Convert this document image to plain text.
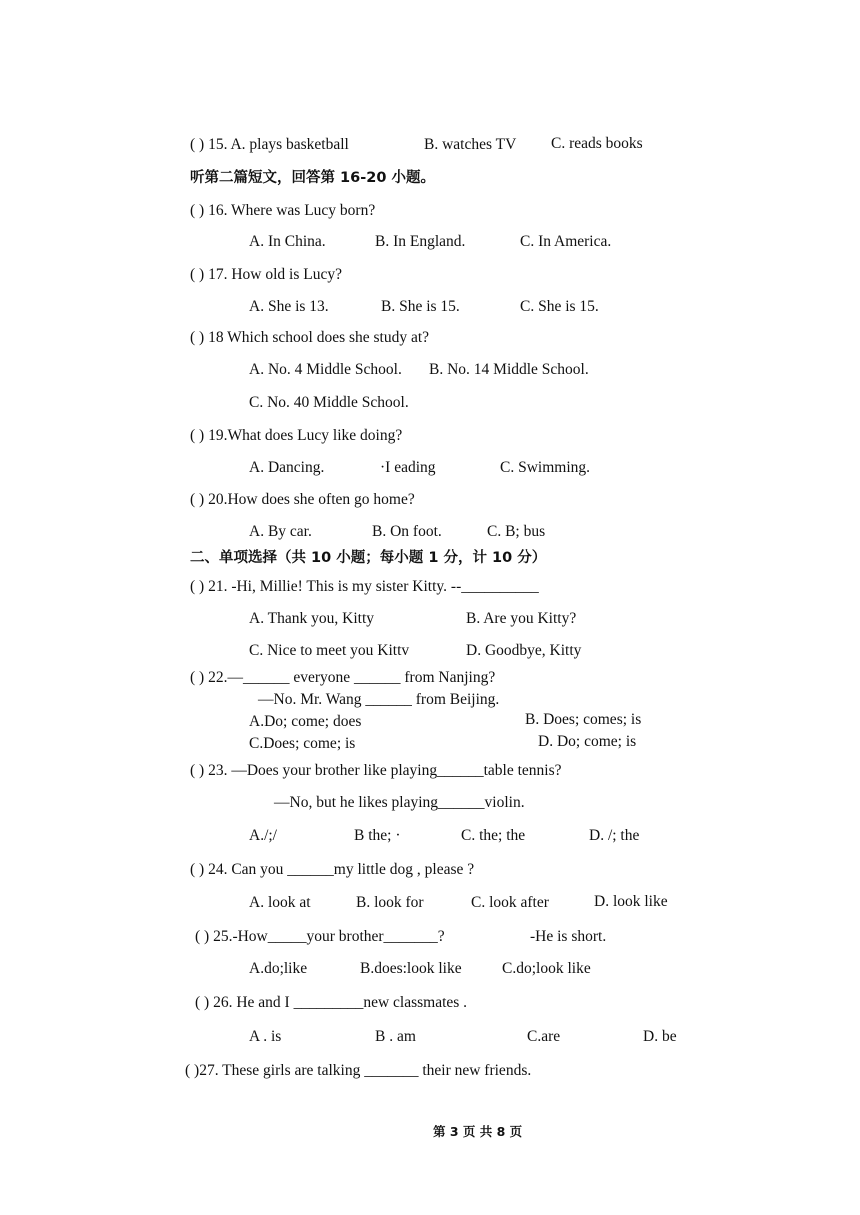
( ) 15. A. plays basketball	B. watches TV C. reads books
听第二篇短文，回答第 16-20 小题。
( ) 16. Where was Lucy born?
A. In China.	B. In England.	C. In America.
( ) 17. How old is Lucy?
A. She is 13.	B. She is 15.	C. She is 15.
( ) 18 Which school does she study at?
A. No. 4 Middle School. B. No. 14 Middle School.
C. No. 40 Middle School.
( ) 19.What does Lucy like doing?
A. Dancing.	·I eading	C. Swimming.
( ) 20.How does she often go home?
A. By car.	B. On foot.	C. B; bus
二、单项选择（共 10 小题；每小题 1 分，计 10 分）
( ) 21. -Hi, Millie! This is my sister Kitty. --__________
A. Thank you, Kitty	B. Are you Kitty?
C. Nice to meet you Kittv	D. Goodbye, Kitty
( ) 22.—______ everyone ______ from Nanjing?
—No. Mr. Wang ______ from Beijing.
A.Do; come; does	B. Does; comes; is
C.Does; come; is	D. Do; come; is
( ) 23. —Does your brother like playing______table tennis?
—No, but he likes playing______violin.
A./;/	B the; ·	C. the; the	D. /; the
( ) 24. Can you ______my little dog , please ?
A. look at	B. look for	C. look after	D. look like
( ) 25.-How_____your brother_______?	-He is short.
A.do;like	B.does:look like	C.do;look like
( ) 26. He and I _________new classmates .
A . is	B . am	C.are	D. be
( )27. These girls are talking _______ their new friends.
第 3 页 共 8 页
